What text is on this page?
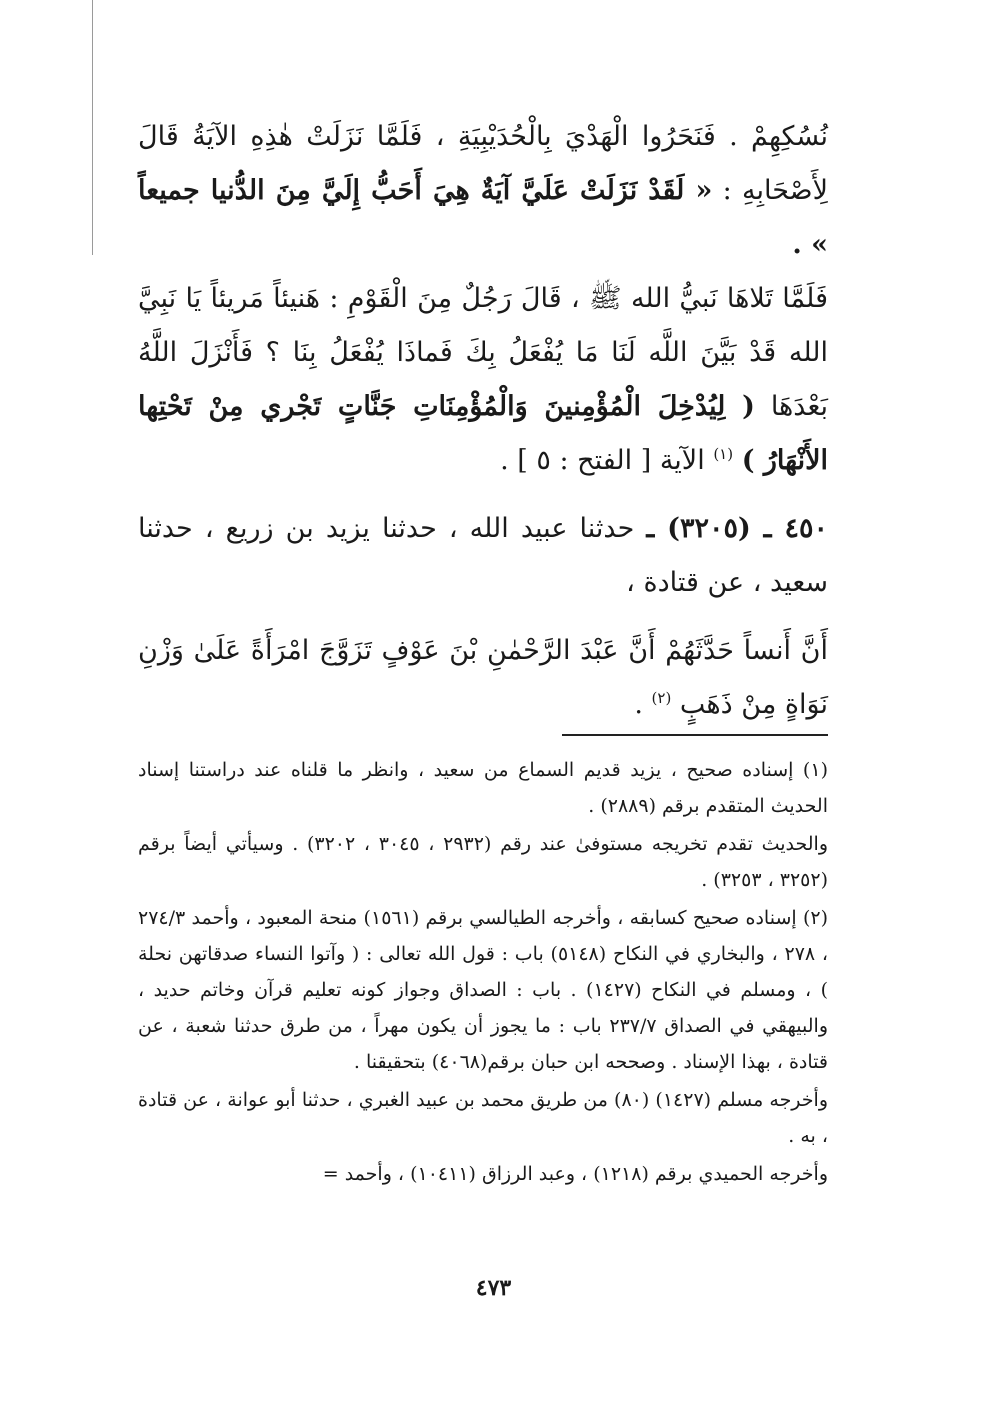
نُسُكِهِمْ . فَنَحَرُوا الْهَدْيَ بِالْحُدَيْبِيَةِ ، فَلَمَّا نَزَلَتْ هٰذِهِ الآيَةُ قَالَ لِأَصْحَابِهِ : « لَقَدْ نَزَلَتْ عَلَيَّ آيَةٌ هِيَ أَحَبُّ إِلَيَّ مِنَ الدُّنيا جميعاً » .

فَلَمَّا تَلاهَا نَبيُّ الله ﷺ ، قَالَ رَجُلٌ مِنَ الْقَوْمِ : هَنيئاً مَريئاً يَا نَبِيَّ الله قَدْ بَيَّنَ اللَّه لَنَا مَا يُفْعَلُ بِكَ فَماذَا يُفْعَلُ بِنَا ؟ فَأَنْزَلَ اللَّهُ بَعْدَهَا ( لِيُدْخِلَ الْمُؤْمِنينَ وَالْمُؤْمِنَاتِ جَنَّاتٍ تَجْري مِنْ تَحْتِها الأَنْهَارُ ) $^{(١)}$ الآية [ الفتح : ٥ ] .

٤٥٠ ـ (٣٢٠٥) ـ حدثنا عبيد الله ، حدثنا يزيد بن زريع ، حدثنا سعيد ، عن قتادة ،

أَنَّ أَنساً حَدَّثَهُمْ أَنَّ عَبْدَ الرَّحْمٰنِ بْنَ عَوْفٍ تَزَوَّجَ امْرَأَةً عَلَىٰ وَزْنِ نَوَاةٍ مِنْ ذَهَبٍ $^{(٢)}$ .

(١) إسناده صحيح ، يزيد قديم السماع من سعيد ، وانظر ما قلناه عند دراستنا إسناد الحديث المتقدم برقم (٢٨٨٩) .

والحديث تقدم تخريجه مستوفىٰ عند رقم (٢٩٣٢ ، ٣٠٤٥ ، ٣٢٠٢) . وسيأتي أيضاً برقم (٣٢٥٢ ، ٣٢٥٣) .

(٢) إسناده صحيح كسابقه ، وأخرجه الطيالسي برقم (١٥٦١) منحة المعبود ، وأحمد ٢٧٤/٣ ، ٢٧٨ ، والبخاري في النكاح (٥١٤٨) باب : قول الله تعالى : ( وآتوا النساء صدقاتهن نحلة ) ، ومسلم في النكاح (١٤٢٧) . باب : الصداق وجواز كونه تعليم قرآن وخاتم حديد ، والبيهقي في الصداق ٢٣٧/٧ باب : ما يجوز أن يكون مهراً ، من طرق حدثنا شعبة ، عن قتادة ، بهذا الإسناد . وصححه ابن حبان برقم(٤٠٦٨) بتحقيقنا .

وأخرجه مسلم (١٤٢٧) (٨٠) من طريق محمد بن عبيد الغبري ، حدثنا أبو عوانة ، عن قتادة ، به .

وأخرجه الحميدي برقم (١٢١٨) ، وعبد الرزاق (١٠٤١١) ، وأحمد =

٤٧٣
